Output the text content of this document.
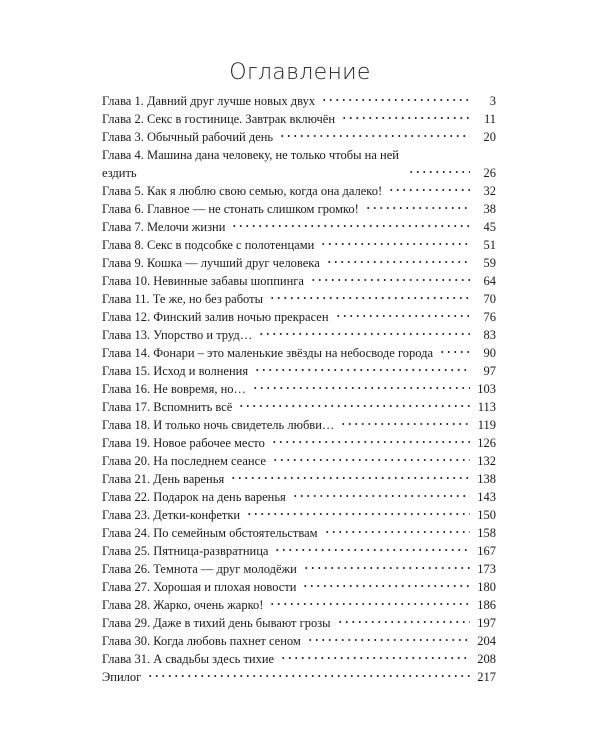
Оглавление
Глава 1. Давний друг лучше новых двух	3
Глава 2. Секс в гостинице. Завтрак включён	11
Глава 3. Обычный рабочий день	20
Глава 4. Машина дана человеку, не только чтобы на ней ездить	26
Глава 5. Как я люблю свою семью, когда она далеко!	32
Глава 6. Главное — не стонать слишком громко!	38
Глава 7. Мелочи жизни	45
Глава 8. Секс в подсобке с полотенцами	51
Глава 9. Кошка — лучший друг человека	59
Глава 10. Невинные забавы шоппинга	64
Глава 11. Те же, но без работы	70
Глава 12. Финский залив ночью прекрасен	76
Глава 13. Упорство и труд…	83
Глава 14. Фонари – это маленькие звёзды на небосводе города	90
Глава 15. Исход и волнения	97
Глава 16. Не вовремя, но…	103
Глава 17. Вспомнить всё	113
Глава 18. И только ночь свидетель любви…	119
Глава 19. Новое рабочее место	126
Глава 20. На последнем сеансе	132
Глава 21. День варенья	138
Глава 22. Подарок на день варенья	143
Глава 23. Детки-конфетки	150
Глава 24. По семейным обстоятельствам	158
Глава 25. Пятница-развратница	167
Глава 26. Темнота — друг молодёжи	173
Глава 27. Хорошая и плохая новости	180
Глава 28. Жарко, очень жарко!	186
Глава 29. Даже в тихий день бывают грозы	197
Глава 30. Когда любовь пахнет сеном	204
Глава 31. А свадьбы здесь тихие	208
Эпилог	217
